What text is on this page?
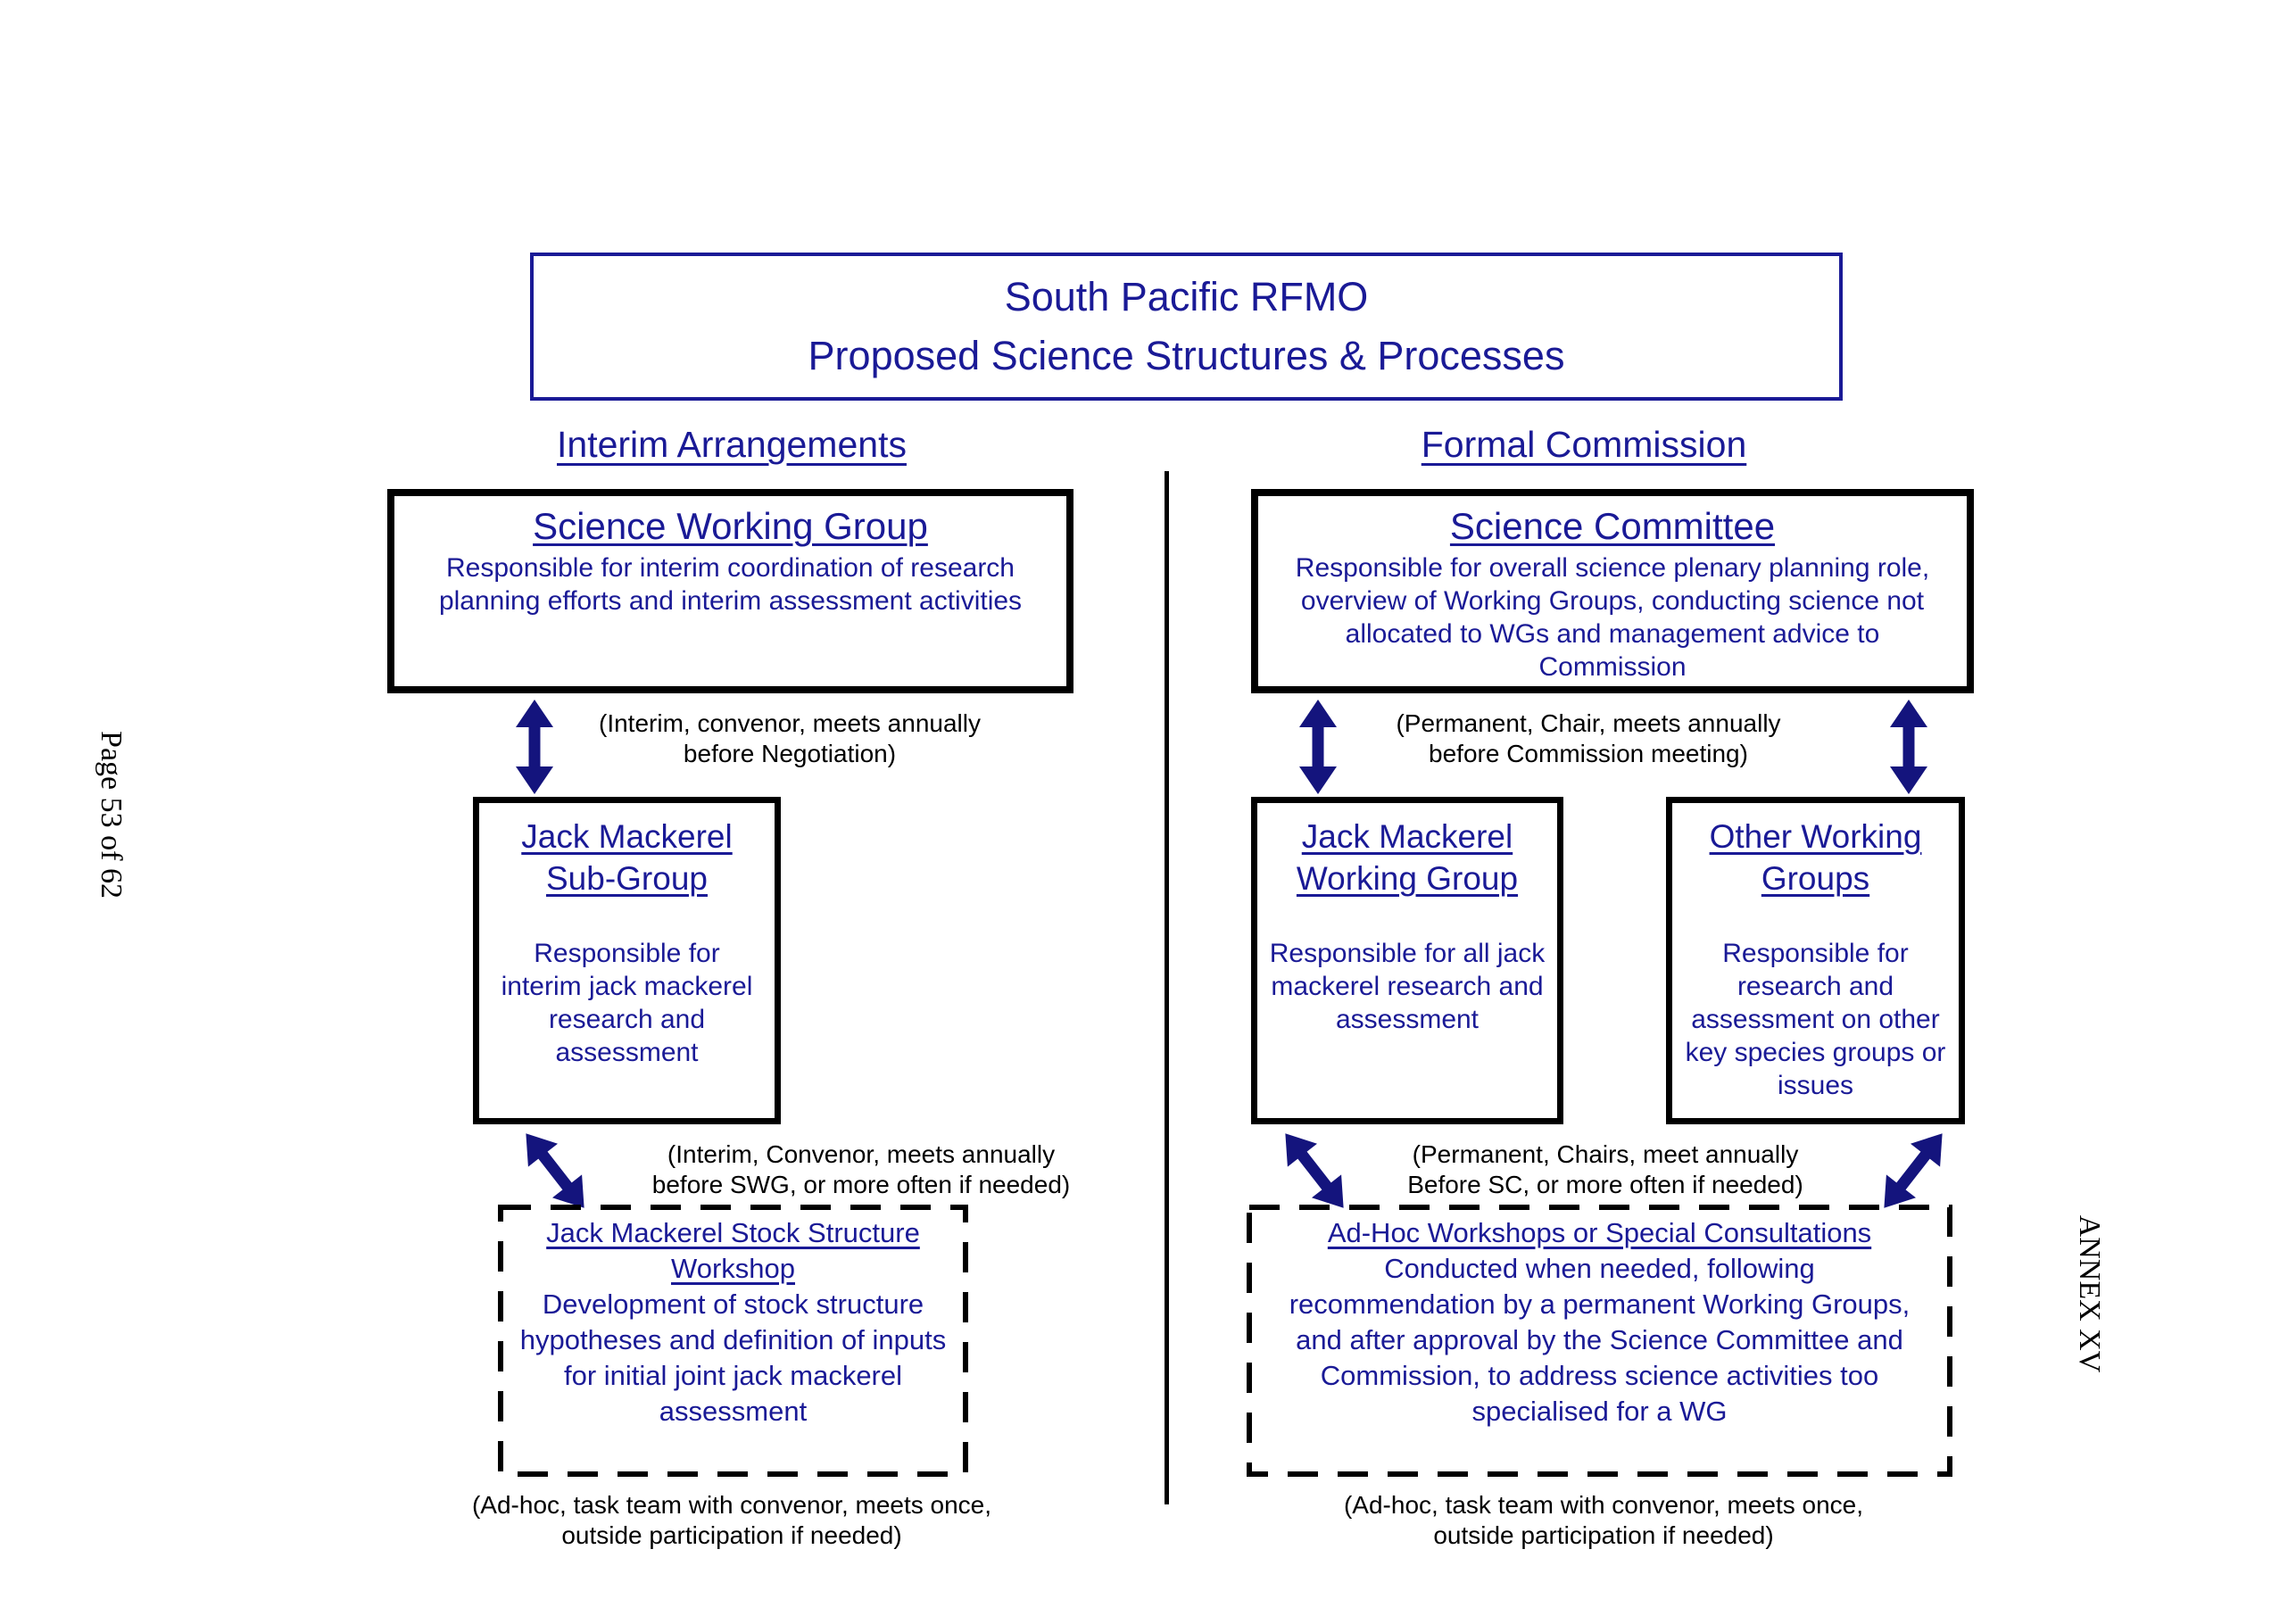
Page 53 of 62
ANNEX XV
South Pacific RFMO
Proposed Science Structures & Processes
Interim Arrangements	Formal Commission
Science Working Group
Responsible for interim coordination of research planning efforts and interim assessment activities
Science Committee
Responsible for overall science plenary planning role, overview of Working Groups, conducting science not allocated to WGs and management advice to Commission
(Interim, convenor, meets annually
before Negotiation)
(Permanent, Chair, meets annually
before Commission meeting)
Jack Mackerel
Sub-Group
Responsible for interim jack mackerel research and assessment
Jack Mackerel
Working Group
Responsible for all jack mackerel research and assessment
Other Working
Groups
Responsible for research and assessment on other key species groups or issues
(Interim, Convenor, meets annually
before SWG, or more often if needed)
(Permanent, Chairs, meet annually
Before SC, or more often if needed)
Jack Mackerel Stock Structure
Workshop
Development of stock structure hypotheses and definition of inputs for initial joint jack mackerel assessment
Ad-Hoc Workshops or Special Consultations
Conducted when needed, following recommendation by a permanent Working Groups, and after approval by the Science Committee and Commission, to address science activities too specialised for a WG
(Ad-hoc, task team with convenor, meets once,
outside participation if needed)
(Ad-hoc, task team with convenor, meets once,
outside participation if needed)
